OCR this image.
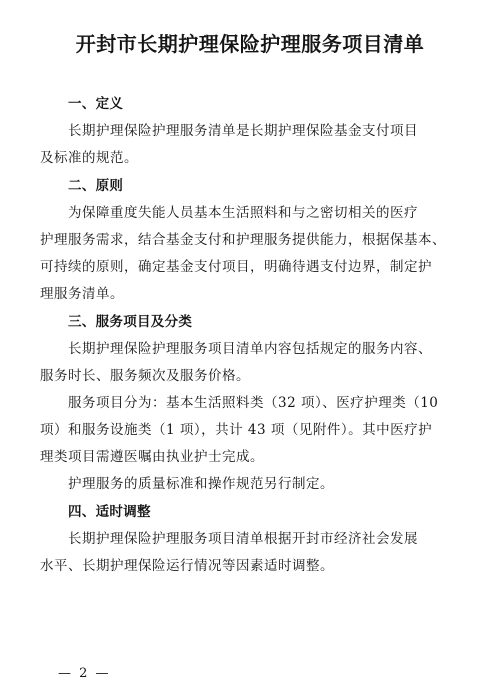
开封市长期护理保险护理服务项目清单
一、定义
长期护理保险护理服务清单是长期护理保险基金支付项目
及标准的规范。
二、原则
为保障重度失能人员基本生活照料和与之密切相关的医疗
护理服务需求，结合基金支付和护理服务提供能力，根据保基本、
可持续的原则，确定基金支付项目，明确待遇支付边界，制定护
理服务清单。
三、服务项目及分类
长期护理保险护理服务项目清单内容包括规定的服务内容、
服务时长、服务频次及服务价格。
服务项目分为：基本生活照料类（32 项）、医疗护理类（10
项）和服务设施类（1 项），共计 43 项（见附件）。其中医疗护
理类项目需遵医嘱由执业护士完成。
护理服务的质量标准和操作规范另行制定。
四、适时调整
长期护理保险护理服务项目清单根据开封市经济社会发展
水平、长期护理保险运行情况等因素适时调整。
— 2 —
